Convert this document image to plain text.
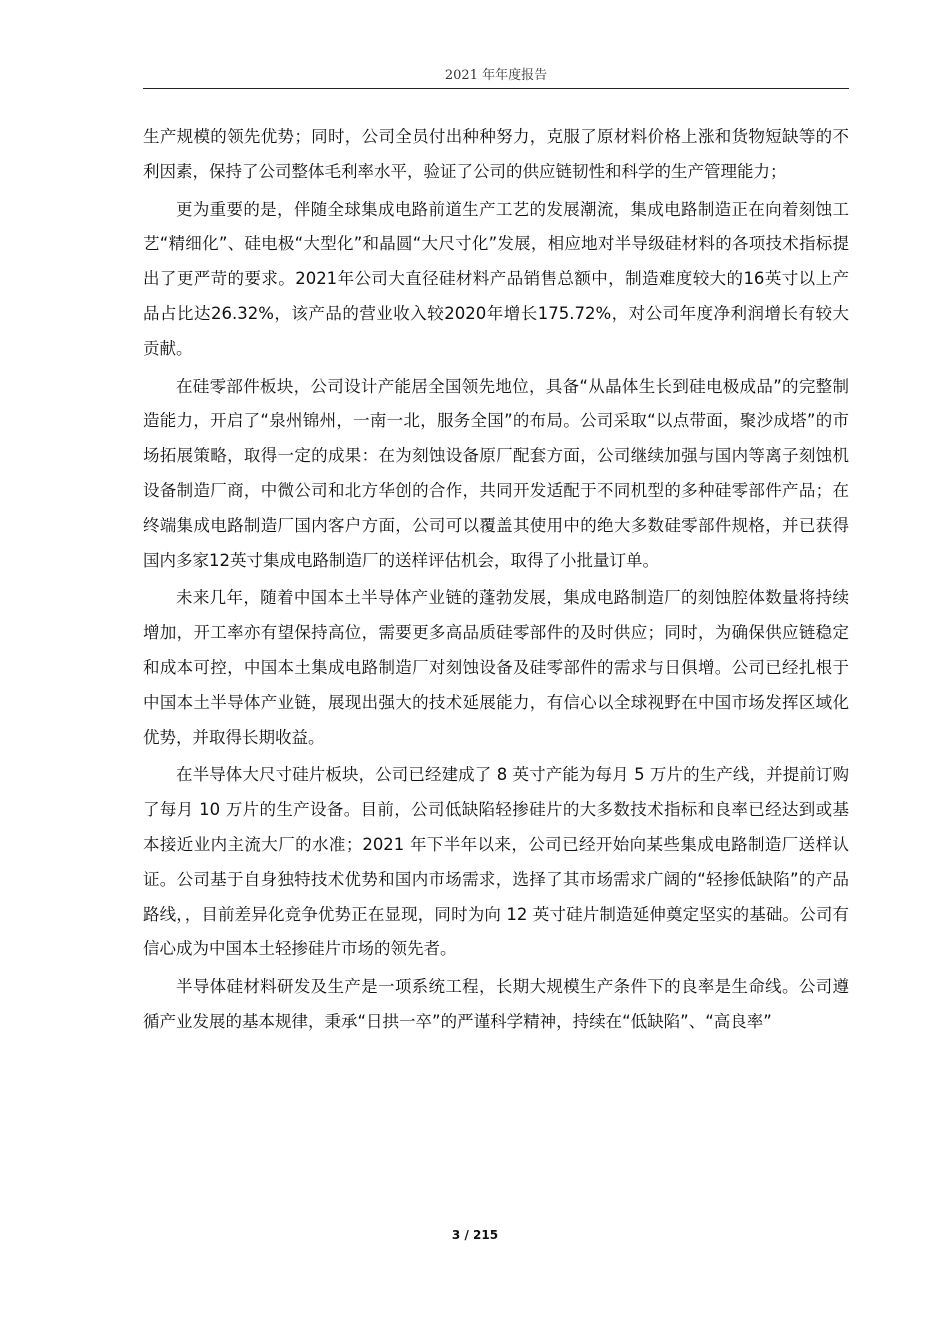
2021 年年度报告

生产规模的领先优势；同时，公司全员付出种种努力，克服了原材料价格上涨和货物短缺等的不利因素，保持了公司整体毛利率水平，验证了公司的供应链韧性和科学的生产管理能力；

更为重要的是，伴随全球集成电路前道生产工艺的发展潮流，集成电路制造正在向着刻蚀工艺“精细化”、硅电极“大型化”和晶圆“大尺寸化”发展，相应地对半导级硅材料的各项技术指标提出了更严苛的要求。2021年公司大直径硅材料产品销售总额中，制造难度较大的16英寸以上产品占比达26.32%，该产品的营业收入较2020年增长175.72%，对公司年度净利润增长有较大贡献。

在硅零部件板块，公司设计产能居全国领先地位，具备“从晶体生长到硅电极成品”的完整制造能力，开启了“泉州锦州，一南一北，服务全国”的布局。公司采取“以点带面，聚沙成塔”的市场拓展策略，取得一定的成果：在为刻蚀设备原厂配套方面，公司继续加强与国内等离子刻蚀机设备制造厂商，中微公司和北方华创的合作，共同开发适配于不同机型的多种硅零部件产品；在终端集成电路制造厂国内客户方面，公司可以覆盖其使用中的绝大多数硅零部件规格，并已获得国内多家12英寸集成电路制造厂的送样评估机会，取得了小批量订单。

未来几年，随着中国本土半导体产业链的蓬勃发展，集成电路制造厂的刻蚀腔体数量将持续增加，开工率亦有望保持高位，需要更多高品质硅零部件的及时供应；同时，为确保供应链稳定和成本可控，中国本土集成电路制造厂对刻蚀设备及硅零部件的需求与日俱增。公司已经扎根于中国本土半导体产业链，展现出强大的技术延展能力，有信心以全球视野在中国市场发挥区域化优势，并取得长期收益。

在半导体大尺寸硅片板块，公司已经建成了 8 英寸产能为每月 5 万片的生产线，并提前订购了每月 10 万片的生产设备。目前，公司低缺陷轻掺硅片的大多数技术指标和良率已经达到或基本接近业内主流大厂的水准；2021 年下半年以来，公司已经开始向某些集成电路制造厂送样认证。公司基于自身独特技术优势和国内市场需求，选择了其市场需求广阔的“轻掺低缺陷”的产品路线，，目前差异化竞争优势正在显现，同时为向 12 英寸硅片制造延伸奠定坚实的基础。公司有信心成为中国本土轻掺硅片市场的领先者。

半导体硅材料研发及生产是一项系统工程，长期大规模生产条件下的良率是生命线。公司遵循产业发展的基本规律，秉承“日拱一卒”的严谨科学精神，持续在“低缺陷”、“高良率”

3 / 215
